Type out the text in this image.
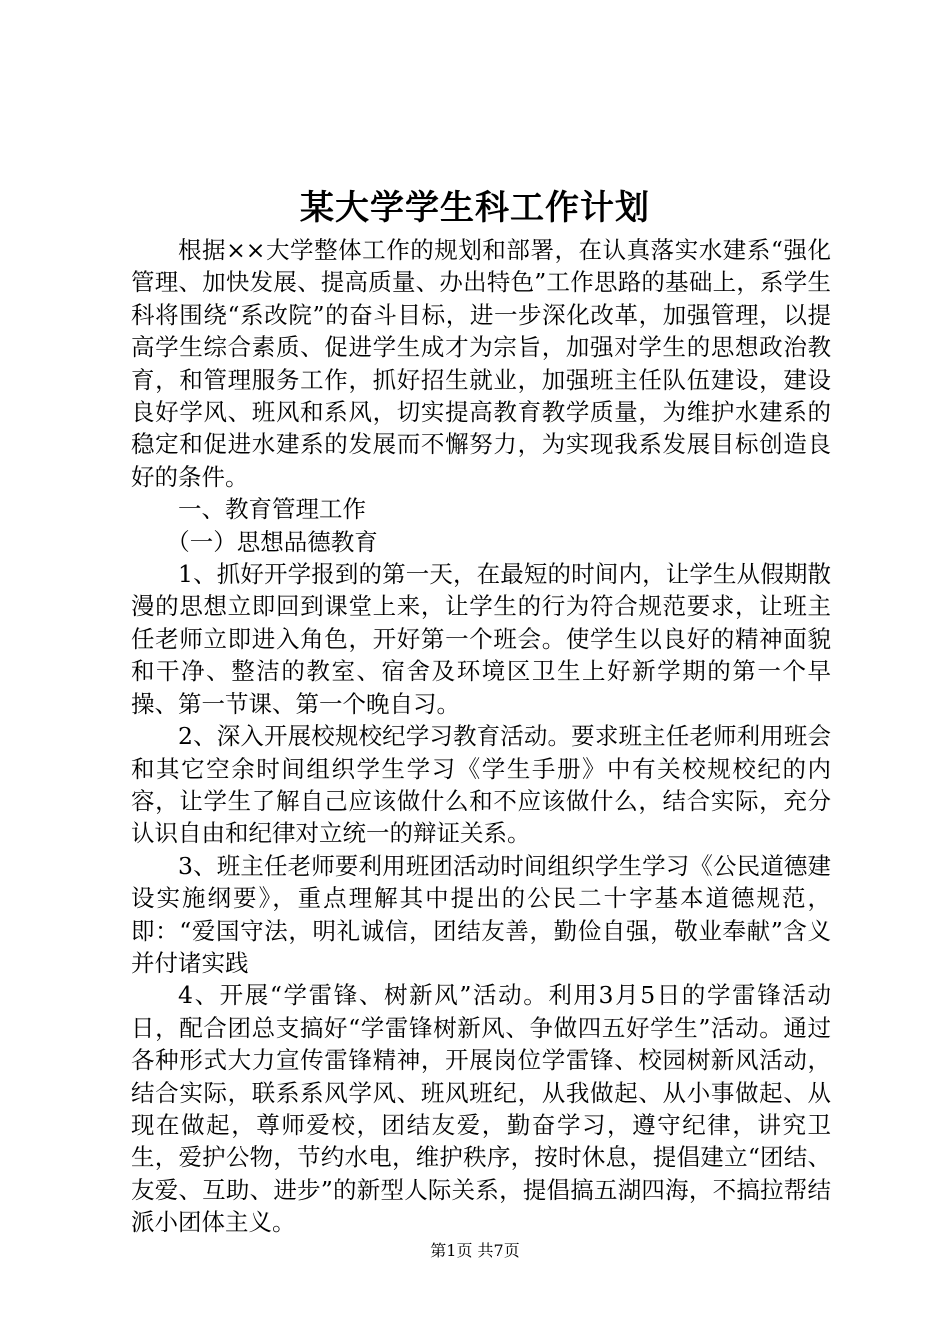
某大学学生科工作计划

根据××大学整体工作的规划和部署，在认真落实水建系“强化管理、加快发展、提高质量、办出特色”工作思路的基础上，系学生科将围绕“系改院”的奋斗目标，进一步深化改革，加强管理，以提高学生综合素质、促进学生成才为宗旨，加强对学生的思想政治教育，和管理服务工作，抓好招生就业，加强班主任队伍建设，建设良好学风、班风和系风，切实提高教育教学质量，为维护水建系的稳定和促进水建系的发展而不懈努力，为实现我系发展目标创造良好的条件。

一、教育管理工作

（一）思想品德教育

1、抓好开学报到的第一天，在最短的时间内，让学生从假期散漫的思想立即回到课堂上来，让学生的行为符合规范要求，让班主任老师立即进入角色，开好第一个班会。使学生以良好的精神面貌和干净、整洁的教室、宿舍及环境区卫生上好新学期的第一个早操、第一节课、第一个晚自习。

2、深入开展校规校纪学习教育活动。要求班主任老师利用班会和其它空余时间组织学生学习《学生手册》中有关校规校纪的内容，让学生了解自己应该做什么和不应该做什么，结合实际，充分认识自由和纪律对立统一的辩证关系。

3、班主任老师要利用班团活动时间组织学生学习《公民道德建设实施纲要》，重点理解其中提出的公民二十字基本道德规范，即：“爱国守法，明礼诚信，团结友善，勤俭自强，敬业奉献”含义并付诸实践

4、开展“学雷锋、树新风”活动。利用3月5日的学雷锋活动日，配合团总支搞好“学雷锋树新风、争做四五好学生”活动。通过各种形式大力宣传雷锋精神，开展岗位学雷锋、校园树新风活动，结合实际，联系系风学风、班风班纪，从我做起、从小事做起、从现在做起，尊师爱校，团结友爱，勤奋学习，遵守纪律，讲究卫生，爱护公物，节约水电，维护秩序，按时休息，提倡建立“团结、友爱、互助、进步”的新型人际关系，提倡搞五湖四海，不搞拉帮结派小团体主义。

第1页 共7页
